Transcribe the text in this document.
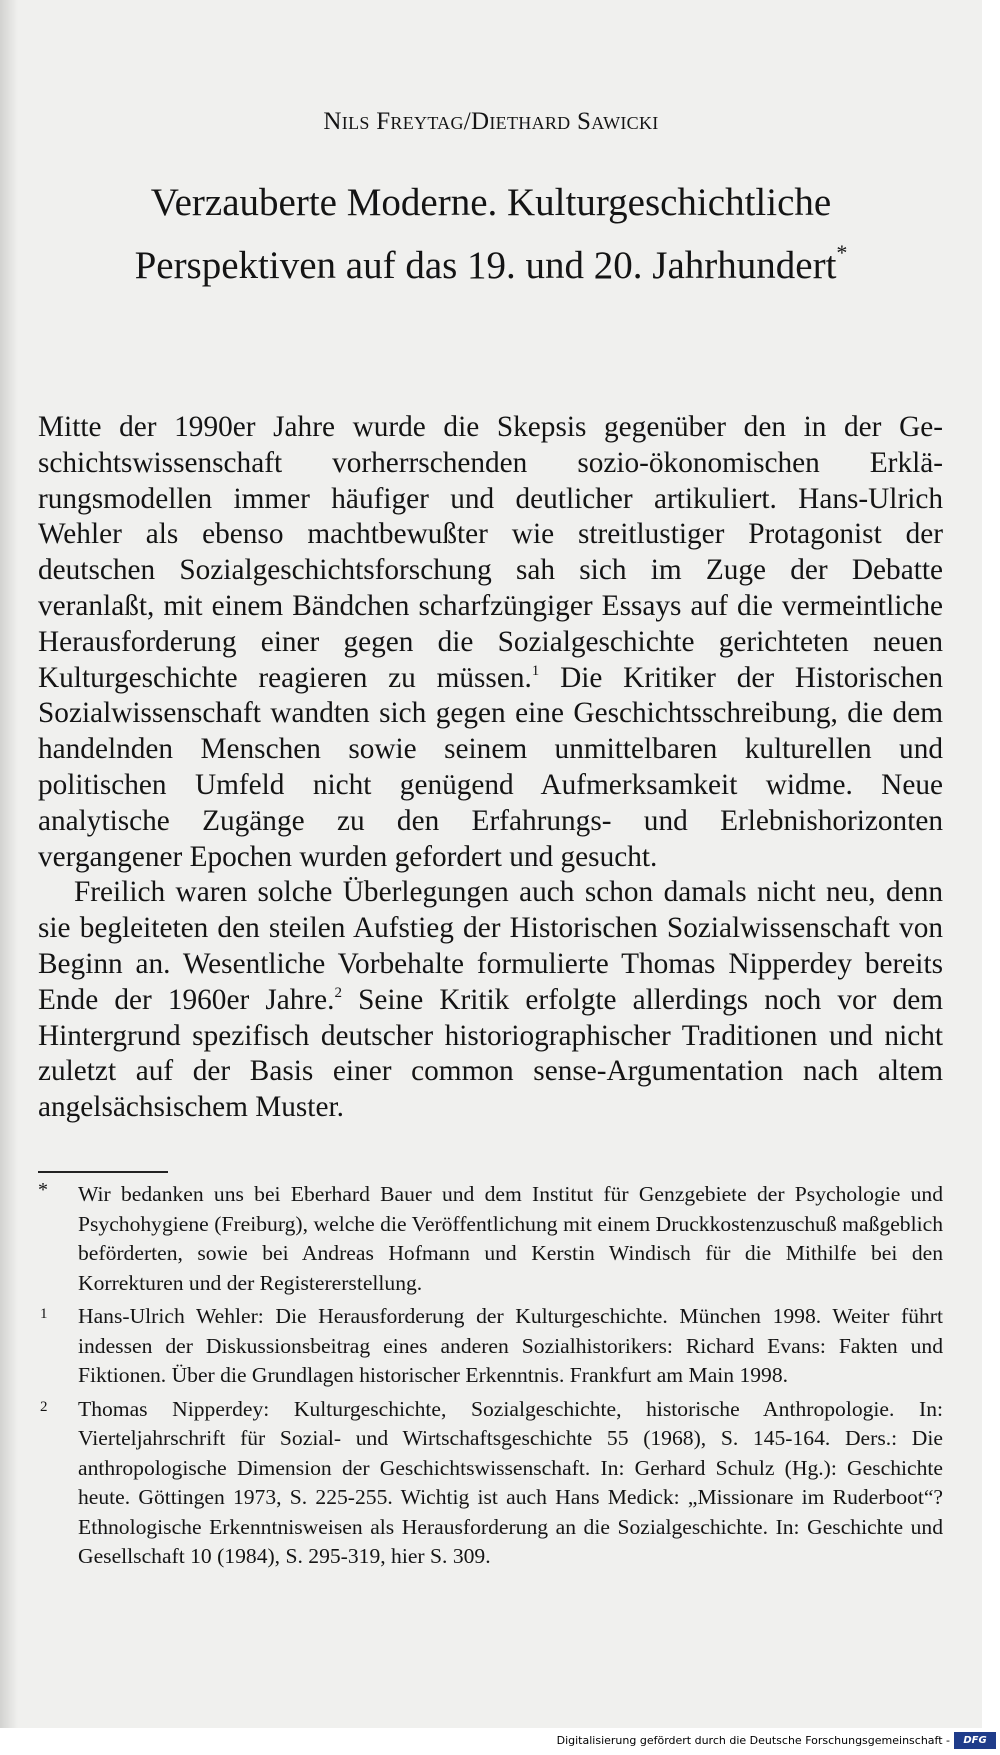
Nils Freytag/Diethard Sawicki
Verzauberte Moderne. Kulturgeschichtliche
Perspektiven auf das 19. und 20. Jahrhundert*

Mitte der 1990er Jahre wurde die Skepsis gegenüber den in der Geschichtswissenschaft vorherrschenden sozio-ökonomischen Erklärungsmodellen immer häufiger und deutlicher artikuliert. Hans-Ulrich Wehler als ebenso machtbewußter wie streitlustiger Protagonist der deutschen Sozialgeschichtsforschung sah sich im Zuge der Debatte veranlaßt, mit einem Bändchen scharfzüngiger Essays auf die vermeintliche Herausforderung einer gegen die Sozialgeschichte gerichteten neuen Kulturgeschichte reagieren zu müssen.$^1$ Die Kritiker der Historischen Sozialwissenschaft wandten sich gegen eine Geschichtsschreibung, die dem handelnden Menschen sowie seinem unmittelbaren kulturellen und politischen Umfeld nicht genügend Aufmerksamkeit widme. Neue analytische Zugänge zu den Erfahrungs- und Erlebnishorizonten vergangener Epochen wurden gefordert und gesucht.

Freilich waren solche Überlegungen auch schon damals nicht neu, denn sie begleiteten den steilen Aufstieg der Historischen Sozialwissenschaft von Beginn an. Wesentliche Vorbehalte formulierte Thomas Nipperdey bereits Ende der 1960er Jahre.$^2$ Seine Kritik erfolgte allerdings noch vor dem Hintergrund spezifisch deutscher historiographischer Traditionen und nicht zuletzt auf der Basis einer common sense-Argumentation nach altem angelsächsischem Muster.

* Wir bedanken uns bei Eberhard Bauer und dem Institut für Genzgebiete der Psychologie und Psychohygiene (Freiburg), welche die Veröffentlichung mit einem Druckkostenzuschuß maßgeblich beförderten, sowie bei Andreas Hofmann und Kerstin Windisch für die Mithilfe bei den Korrekturen und der Registererstellung.
1 Hans-Ulrich Wehler: Die Herausforderung der Kulturgeschichte. München 1998. Weiter führt indessen der Diskussionsbeitrag eines anderen Sozialhistorikers: Richard Evans: Fakten und Fiktionen. Über die Grundlagen historischer Erkenntnis. Frankfurt am Main 1998.
2 Thomas Nipperdey: Kulturgeschichte, Sozialgeschichte, historische Anthropologie. In: Vierteljahrschrift für Sozial- und Wirtschaftsgeschichte 55 (1968), S. 145-164. Ders.: Die anthropologische Dimension der Geschichtswissenschaft. In: Gerhard Schulz (Hg.): Geschichte heute. Göttingen 1973, S. 225-255. Wichtig ist auch Hans Medick: „Missionare im Ruderboot“? Ethnologische Erkenntnisweisen als Herausforderung an die Sozialgeschichte. In: Geschichte und Gesellschaft 10 (1984), S. 295-319, hier S. 309.
Digitalisierung gefördert durch die Deutsche Forschungsgemeinschaft -	DFG
